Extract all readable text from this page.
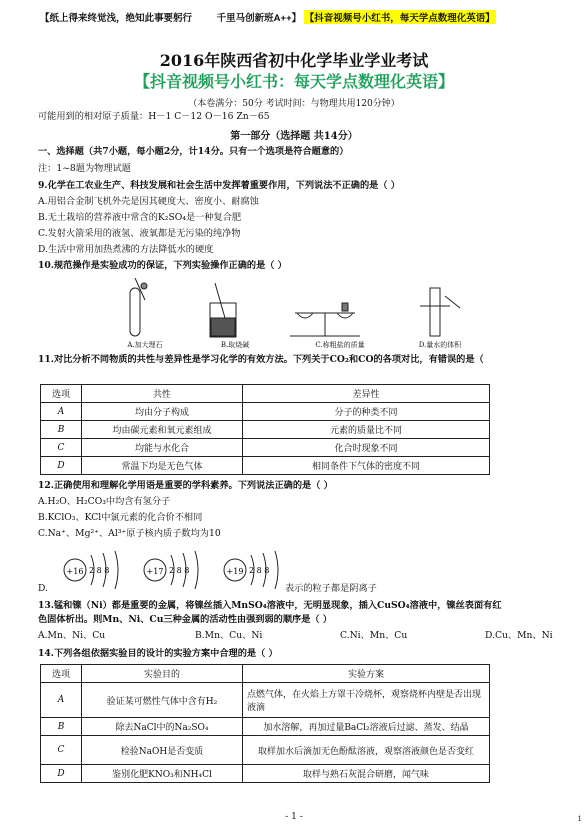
【纸上得来终觉浅，绝知此事要躬行	千里马创新班A++】 【抖音视频号小红书，每天学点数理化英语】
2016年陕西省初中化学毕业学业考试
【抖音视频号小红书：每天学点数理化英语】
（本卷满分：50分 考试时间：与物理共用120分钟）
可能用到的相对原子质量：H－1 C－12 O－16 Zn－65
第一部分（选择题 共14分）
一、选择题（共7小题，每小题2分，计14分。只有一个选项是符合题意的）
注：1~8题为物理试题
9.化学在工农业生产、科技发展和社会生活中发挥着重要作用，下列说法不正确的是（ ）
A.用铝合金制飞机外壳是因其硬度大、密度小、耐腐蚀
B.无土栽培的营养液中常含的K₂SO₄是一种复合肥
C.发射火箭采用的液氢、液氧都是无污染的纯净物
D.生活中常用加热煮沸的方法降低水的硬度
10.规范操作是实验成功的保证，下列实验操作正确的是（ ）
A.加大理石	B.取烧碱	C.称粗盐的质量	D.量水的体积
11.对比分析不同物质的共性与差异性是学习化学的有效方法。下列关于CO₂和CO的各项对比，有错误的是（
选项	共性	差异性
A	均由分子构成	分子的种类不同
B	均由碳元素和氧元素组成	元素的质量比不同
C	均能与水化合	化合时现象不同
D	常温下均是无色气体	相同条件下气体的密度不同
12.正确使用和理解化学用语是重要的学科素养。下列说法正确的是（ ）
A.H₂O、H₂CO₃中均含有氢分子
B.KClO₃、KCl中氯元素的化合价不相同
C.Na⁺、Mg²⁺、Al³⁺原子核内质子数均为10
D.
+16 2 8 8	+17 2 8 8	+19 2 8 8
表示的粒子都是阴离子
13.锰和镍（Ni）都是重要的金属，将镍丝插入MnSO₄溶液中，无明显现象，插入CuSO₄溶液中，镍丝表面有红
色固体析出。则Mn、Ni、Cu三种金属的活动性由强到弱的顺序是（ ）
A.Mn、Ni、Cu	B.Mn、Cu、Ni	C.Ni、Mn、Cu	D.Cu、Mn、Ni
14.下列各组依据实验目的设计的实验方案中合理的是（ ）
选项	实验目的	实验方案
A	验证某可燃性气体中含有H₂	点燃气体，在火焰上方罩干冷烧杯，观察烧杯内壁是否出现液滴
B	除去NaCl中的Na₂SO₄	加水溶解，再加过量BaCl₂溶液后过滤、蒸发、结晶
C	检验NaOH是否变质	取样加水后滴加无色酚酞溶液，观察溶液颜色是否变红
D	鉴别化肥KNO₃和NH₄Cl	取样与熟石灰混合研磨，闻气味
- 1 -	1
